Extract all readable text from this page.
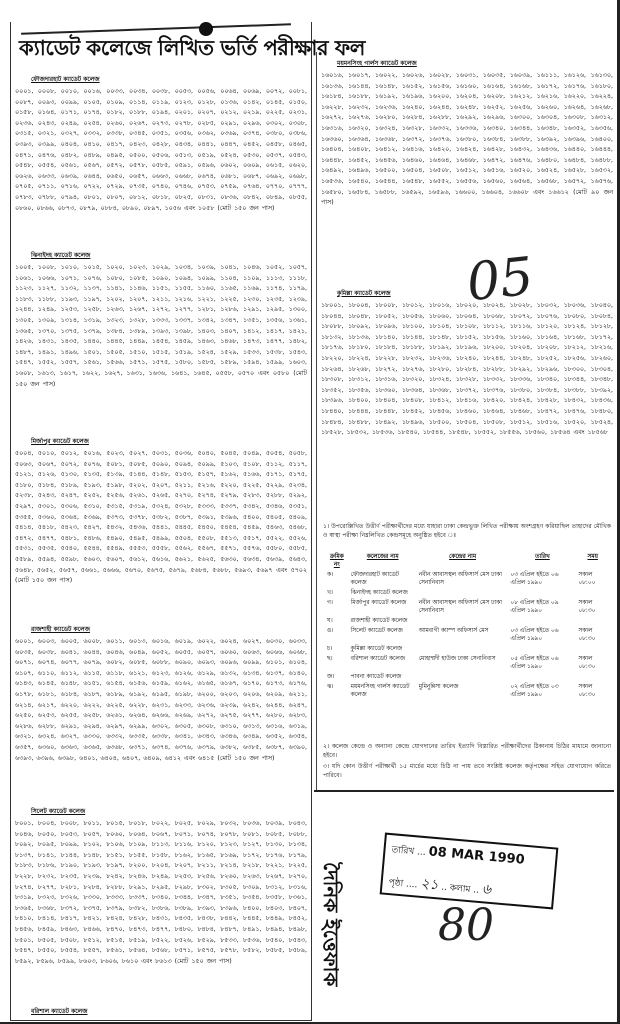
ক্যাডেট কলেজে লিখিত ভর্তি পরীক্ষার ফল
ফৌজদারহাট ক্যাডেট কলেজ

০০০১, ০০০৮, ০০১০, ০০১৬, ০০৩৩, ০০৩৪, ০০৩৮, ০০৫৩, ০০৫৬, ০০৬৪, ০০৬৯, ০০৭২, ০০৮১, ০০৮৭, ০০৯৩, ০০৯৯, ০১০৫, ০১০৯, ০১১৪, ০১১৯, ০১২৩, ০১২৮, ০১৩৬, ০১৪২, ০১৪৫, ০১৫০, ০১৫৮, ০১৬৪, ০১৭১, ০১৭৪, ০১৮২, ০১৮৮, ০১৯৪, ০২০১, ০২০৭, ০২১২, ০২১৯, ০২২৫, ০২৩১, ০২৩৬, ০২৪৩, ০২৪৯, ০২৫৪, ০২৬০, ০২৬৭, ০২৭৩, ০২৭৮, ০২৮৫, ০২৯১, ০২৯৬, ০৩০২, ০৩০৮, ০৩১৫, ০৩২১, ০৩২৭, ০৩৩২, ০৩৩৮, ০৩৪৫, ০৩৫১, ০৩৫৬, ০৩৬২, ০৩৬৯, ০৩৭৪, ০৩৮০, ০৩৮৬, ০৩৯৩, ০৩৯৯, ০৪০৪, ০৪১০, ০৪১৭, ০৪২৩, ০৪২৮, ০৪৩৪, ০৪৪১, ০৪৪৭, ০৪৫২, ০৪৫৮, ০৪৬৫, ০৪৭১, ০৪৭৬, ০৪৮২, ০৪৮৯, ০৪৯৫, ০৫০০, ০৫০৬, ০৫১৩, ০৫১৯, ০৫২৪, ০৫৩০, ০৫৩৭, ০৫৪৩, ০৫৪৮, ০৫৫৪, ০৫৬১, ০৫৬৭, ০৫৭২, ০৫৭৮, ০৫৮৫, ০৫৯১, ০৫৯৬, ০৬০২, ০৬০৯, ০৬১৫, ০৬২০, ০৬২৬, ০৬৩৩, ০৬৩৯, ০৬৪৪, ০৬৫০, ০৬৫৭, ০৬৬৩, ০৬৬৮, ০৬৭৪, ০৬৮১, ০৬৮৭, ০৬৯২, ০৬৯৮, ০৭০৫, ০৭১১, ০৭১৬, ০৭২২, ০৭২৯, ০৭৩৫, ০৭৪০, ০৭৪৬, ০৭৫৩, ০৭৫৯, ০৭৬৪, ০৭৭০, ০৭৭৭, ০৭৮৩, ০৭৮৮, ০৭৯৪, ০৮০১, ০৮০৭, ০৮১২, ০৮১৮, ০৮২৫, ০৮৩১, ০৮৩৬, ০৮৪২, ০৮৪৯, ০৮৫৫, ০৮৬০, ০৮৬৬, ০৮৭৩, ০৮৭৯, ০৮৮৪, ০৮৯০, ০৮৯৭, ১০৫৬ এবং ১০৫৮ (মোট ১৫০ জন পাস)

ঝিনাইদহ ক্যাডেট কলেজ

১০০৫, ১০০৮, ১০১০, ১০১৫, ১০২০, ১০২৩, ১০২৯, ১০৩৪, ১০৩৯, ১০৪১, ১০৪৬, ১০৫২, ১০৫৭, ১০৬১, ১০৬৬, ১০৭১, ১০৭৬, ১০৮০, ১০৮৫, ১০৯০, ১০৯৪, ১০৯৯, ১১০৪, ১১০৯, ১১১৩, ১১১৮, ১১২৩, ১১২৭, ১১৩২, ১১৩৭, ১১৪১, ১১৪৬, ১১৫১, ১১৫৫, ১১৬০, ১১৬৫, ১১৬৯, ১১৭৪, ১১৭৯, ১১৮৩, ১১৮৮, ১১৯৩, ১১৯৭, ১২০২, ১২০৭, ১২১১, ১২১৬, ১২২১, ১২২৫, ১২৩০, ১২৩৫, ১২৩৯, ১২৪৪, ১২৪৯, ১২৫৩, ১২৫৮, ১২৬৩, ১২৬৭, ১২৭২, ১২৭৭, ১২৮১, ১২৮৬, ১২৯১, ১২৯৫, ১৩০০, ১৩০৫, ১৩০৯, ১৩১৪, ১৩১৯, ১৩২৩, ১৩২৮, ১৩৩৩, ১৩৩৭, ১৩৪২, ১৩৪৭, ১৩৫১, ১৩৫৬, ১৩৬১, ১৩৬৫, ১৩৭০, ১৩৭৫, ১৩৭৯, ১৩৮৪, ১৩৮৯, ১৩৯৩, ১৩৯৮, ১৪০৩, ১৪০৭, ১৪১২, ১৪১৭, ১৪২১, ১৪২৬, ১৪৩১, ১৪৩৫, ১৪৪০, ১৪৪৫, ১৪৪৯, ১৪৫৪, ১৪৫৯, ১৪৬৩, ১৪৬৮, ১৪৭৩, ১৪৭৭, ১৪৮২, ১৪৮৭, ১৪৯১, ১৪৯৬, ১৫০১, ১৫০৫, ১৫১০, ১৫১৫, ১৫১৯, ১৫২৪, ১৫২৯, ১৫৩৩, ১৫৩৮, ১৫৪৩, ১৫৪৭, ১৫৫২, ১৫৫৭, ১৫৬১, ১৫৬৬, ১৫৭১, ১৫৭৫, ১৫৮০, ১৫৮৫, ১৫৮৯, ১৫৯৪, ১৫৯৯, ১৬০৩, ১৬০৮, ১৬১৩, ১৬১৭, ১৬২২, ১৬২৭, ১৬৩১, ১৬৩৬, ১৬৪১, ১৬৪৫, ০৫৫৮, ০৫৭০ এবং ০৫৮০ (মোট ১৫০ জন পাস)

মির্জাপুর ক্যাডেট কলেজ

৫০০৪, ৫০১০, ৫০১২, ৫০১৬, ৫০২৩, ৫০২৭, ৫০৩১, ৫০৩৬, ৫০৪০, ৫০৪৫, ৫০৪৯, ৫০৫৪, ৫০৫৮, ৫০৬৩, ৫০৬৭, ৫০৭২, ৫০৭৬, ৫০৮১, ৫০৮৫, ৫০৯০, ৫০৯৪, ৫০৯৯, ৫১০৩, ৫১০৮, ৫১১২, ৫১১৭, ৫১২১, ৫১২৬, ৫১৩০, ৫১৩৫, ৫১৩৯, ৫১৪৪, ৫১৪৮, ৫১৫৩, ৫১৫৭, ৫১৬২, ৫১৬৬, ৫১৭১, ৫১৭৫, ৫১৮০, ৫১৮৪, ৫১৮৯, ৫১৯৩, ৫১৯৮, ৫২০২, ৫২০৭, ৫২১১, ৫২১৬, ৫২২০, ৫২২৫, ৫২২৯, ৫২৩৪, ৫২৩৮, ৫২৪৩, ৫২৪৭, ৫২৫২, ৫২৫৬, ৫২৬১, ৫২৬৫, ৫২৭০, ৫২৭৪, ৫২৭৯, ৫২৮৩, ৫২৮৮, ৫২৯২, ৫২৯৭, ৫৩০১, ৫৩০৬, ৫৩১০, ৫৩১৫, ৫৩১৯, ৫৩২৪, ৫৩২৮, ৫৩৩৩, ৫৩৩৭, ৫৩৪২, ৫৩৪৬, ৫৩৫১, ৫৩৫৫, ৫৩৬০, ৫৩৬৪, ৫৩৬৯, ৫৩৭৩, ৫৩৭৮, ৫৩৮২, ৫৩৮৭, ৫৩৯১, ৫৩৯৬, ৫৪০০, ৫৪০৫, ৫৪০৯, ৫৪১৪, ৫৪১৮, ৫৪২৩, ৫৪২৭, ৫৪৩২, ৫৪৩৬, ৫৪৪১, ৫৪৪৫, ৫৪৫০, ৫৪৫৪, ৫৪৫৯, ৫৪৬৩, ৫৪৬৮, ৫৪৭২, ৫৪৭৭, ৫৪৮১, ৫৪৮৬, ৫৪৯০, ৫৪৯৫, ৫৪৯৯, ৫৫০৪, ৫৫০৮, ৫৫১৩, ৫৫১৭, ৫৫২২, ৫৫২৬, ৫৫৩১, ৫৫৩৫, ৫৫৪০, ৫৫৪৪, ৫৫৪৯, ৫৫৫৩, ৫৫৫৮, ৫৫৬২, ৫৫৬৭, ৫৫৭১, ৫৫৭৬, ৫৫৮০, ৫৫৮৫, ৫৫৮৯, ৫৫৯৪, ৫৫৯৮, ৫৬০৩, ৫৬০৭, ৫৬১২, ৫৬১৬, ৫৬২১, ৫৬২৫, ৫৬৩০, ৫৬৩৪, ৫৬৩৯, ৫৬৪৩, ৫৬৪৮, ৫৬৫২, ৫৬৫৭, ৫৬৬১, ৫৬৬৬, ৫৬৭০, ৫৬৭৫, ৫৬৭৯, ৫৬৮৪, ৫৬৮৮, ৫৬৯৩, ৫৬৯৭ এবং ৫৭০২ (মোট ১৫০ জন পাস)

রাজশাহী ক্যাডেট কলেজ

৬০০১, ৬০০৩, ৬০০৫, ৬০০৮, ৬০১১, ৬০১৩, ৬০১৬, ৬০১৯, ৬০২২, ৬০২৪, ৬০২৭, ৬০৩০, ৬০৩৩, ৬০৩৫, ৬০৩৮, ৬০৪১, ৬০৪৪, ৬০৪৬, ৬০৪৯, ৬০৫২, ৬০৫৫, ৬০৫৭, ৬০৬০, ৬০৬৩, ৬০৬৬, ৬০৬৮, ৬০৭১, ৬০৭৪, ৬০৭৭, ৬০৭৯, ৬০৮২, ৬০৮৫, ৬০৮৮, ৬০৯০, ৬০৯৩, ৬০৯৬, ৬০৯৯, ৬১০১, ৬১০৪, ৬১০৭, ৬১১০, ৬১১২, ৬১১৫, ৬১১৮, ৬১২১, ৬১২৩, ৬১২৬, ৬১২৯, ৬১৩২, ৬১৩৪, ৬১৩৭, ৬১৪০, ৬১৪৩, ৬১৪৫, ৬১৪৮, ৬১৫১, ৬১৫৪, ৬১৫৬, ৬১৫৯, ৬১৬২, ৬১৬৫, ৬১৬৭, ৬১৭০, ৬১৭৩, ৬১৭৬, ৬১৭৮, ৬১৮১, ৬১৮৪, ৬১৮৭, ৬১৮৯, ৬১৯২, ৬১৯৫, ৬১৯৮, ৬২০০, ৬২০৩, ৬২০৬, ৬২০৯, ৬২১১, ৬২১৪, ৬২১৭, ৬২২০, ৬২২২, ৬২২৫, ৬২২৮, ৬২৩১, ৬২৩৩, ৬২৩৬, ৬২৩৯, ৬২৪২, ৬২৪৪, ৬২৪৭, ৬২৫০, ৬২৫৩, ৬২৫৫, ৬২৫৮, ৬২৬১, ৬২৬৪, ৬২৬৬, ৬২৬৯, ৬২৭২, ৬২৭৫, ৬২৭৭, ৬২৮০, ৬২৮৩, ৬২৮৬, ৬২৮৮, ৬২৯১, ৬২৯৪, ৬২৯৭, ৬২৯৯, ৬৩০২, ৬৩০৫, ৬৩০৮, ৬৩১০, ৬৩১৩, ৬৩১৬, ৬৩১৯, ৬৩২১, ৬৩২৪, ৬৩২৭, ৬৩৩০, ৬৩৩২, ৬৩৩৫, ৬৩৩৮, ৬৩৪১, ৬৩৪৩, ৬৩৪৬, ৬৩৪৯, ৬৩৫২, ৬৩৫৪, ৬৩৫৭, ৬৩৬০, ৬৩৬৩, ৬৩৬৫, ৬৩৬৮, ৬৩৭১, ৬৩৭৪, ৬৩৭৬, ৬৩৭৯, ৬৩৮২, ৬৩৮৫, ৬৩৮৭, ৬৩৯০, ৬৩৯৩, ৬৩৯৬, ৬৩৯৮, ৬৪০১, ৬৪০৪, ৬৪০৭, ৬৪০৯, ৬৪১২ এবং ৬৪১৫ (মোট ১৫০ জন পাস)

সিলেট ক্যাডেট কলেজ

৮০০১, ৮০০৪, ৮০০৮, ৮০১১, ৮০১৫, ৮০১৮, ৮০২২, ৮০২৫, ৮০২৯, ৮০৩২, ৮০৩৬, ৮০৩৯, ৮০৪৩, ৮০৪৬, ৮০৫০, ৮০৫৩, ৮০৫৭, ৮০৬০, ৮০৬৪, ৮০৬৭, ৮০৭১, ৮০৭৪, ৮০৭৮, ৮০৮১, ৮০৮৫, ৮০৮৮, ৮০৯২, ৮০৯৫, ৮০৯৯, ৮১০২, ৮১০৬, ৮১০৯, ৮১১৩, ৮১১৬, ৮১২০, ৮১২৩, ৮১২৭, ৮১৩০, ৮১৩৪, ৮১৩৭, ৮১৪১, ৮১৪৪, ৮১৪৮, ৮১৫১, ৮১৫৫, ৮১৫৮, ৮১৬২, ৮১৬৫, ৮১৬৯, ৮১৭২, ৮১৭৬, ৮১৭৯, ৮১৮৩, ৮১৮৬, ৮১৯০, ৮১৯৩, ৮১৯৭, ৮২০০, ৮২০৪, ৮২০৭, ৮২১১, ৮২১৪, ৮২১৮, ৮২২১, ৮২২৫, ৮২২৮, ৮২৩২, ৮২৩৫, ৮২৩৯, ৮২৪২, ৮২৪৬, ৮২৪৯, ৮২৫৩, ৮২৫৬, ৮২৬০, ৮২৬৩, ৮২৬৭, ৮২৭০, ৮২৭৪, ৮২৭৭, ৮২৮১, ৮২৮৪, ৮২৮৮, ৮২৯১, ৮২৯৫, ৮২৯৮, ৮৩০২, ৮৩০৫, ৮৩০৯, ৮৩১২, ৮৩১৬, ৮৩১৯, ৮৩২৩, ৮৩২৬, ৮৩৩০, ৮৩৩৩, ৮৩৩৭, ৮৩৪০, ৮৩৪৪, ৮৩৪৭, ৮৩৫১, ৮৩৫৪, ৮৩৫৮, ৮৩৬১, ৮৩৬৫, ৮৩৬৮, ৮৩৭২, ৮৩৭৫, ৮৩৭৯, ৮৩৮২, ৮৩৮৬, ৮৩৮৯, ৮৩৯৩, ৮৩৯৬, ৮৪০০, ৮৪০৩, ৮৪০৭, ৮৪১০, ৮৪১৪, ৮৪১৭, ৮৪২১, ৮৪২৪, ৮৪২৮, ৮৪৩১, ৮৪৩৫, ৮৪৩৮, ৮৪৪২, ৮৪৪৫, ৮৪৪৯, ৮৪৫২, ৮৪৫৬, ৮৪৫৯, ৮৪৬৩, ৮৪৬৬, ৮৪৭০, ৮৪৭৩, ৮৪৭৭, ৮৪৮০, ৮৪৮৪, ৮৪৮৭, ৮৪৯১, ৮৪৯৪, ৮৪৯৮, ৮৫০১, ৮৫০৫, ৮৫০৮, ৮৫১২, ৮৫১৫, ৮৫১৯, ৮৫২২, ৮৫২৬, ৮৫২৯, ৮৫৩৩, ৮৫৩৬, ৮৫৪০, ৮৫৪৩, ৮৫৪৭, ৮৫৫০, ৮৫৫৪, ৮৫৫৭, ৮৫৬১, ৮৫৬৪, ৮৫৬৮, ৮৫৭১, ৮৫৭৫, ৮৫৭৮, ৮৫৮২, ৮৫৮৫, ৮৫৮৯, ৮৫৯২, ৮৫৯৬, ৮৫৯৯, ৮৬০৩, ৮৬০৬, ৮৬১০ এবং ৮৬১৩ (মোট ১৫০ জন পাস)

বরিশাল ক্যাডেট কলেজ
ময়মনসিংহ গার্লস ক্যাডেট কলেজ

১৬০১৬, ১৬০১৭, ১৬০২২, ১৬০২৬, ১৬০২৮, ১৬০৩১, ১৬০৩৫, ১৬০৩৯, ১৬১১১, ১৬১২৬, ১৬১৩০, ১৬১৩৬, ১৬১৪৪, ১৬১৪৮, ১৬১৫২, ১৬১৫৬, ১৬১৬০, ১৬১৬৪, ১৬১৬৮, ১৬১৭২, ১৬১৭৬, ১৬১৮০, ১৬১৮৪, ১৬১৮৮, ১৬১৯২, ১৬১৯৬, ১৬২০০, ১৬২০৪, ১৬২০৮, ১৬২১২, ১৬২১৬, ১৬২২০, ১৬২২৪, ১৬২২৮, ১৬২৩২, ১৬২৩৬, ১৬২৪০, ১৬২৪৪, ১৬২৪৮, ১৬২৫২, ১৬২৫৬, ১৬২৬০, ১৬২৬৪, ১৬২৬৮, ১৬২৭২, ১৬২৭৬, ১৬২৮০, ১৬২৮৪, ১৬২৮৮, ১৬২৯২, ১৬২৯৬, ১৬৩০০, ১৬৩০৪, ১৬৩০৮, ১৬৩১২, ১৬৩১৬, ১৬৩২০, ১৬৩২৪, ১৬৩২৮, ১৬৩৩২, ১৬৩৩৬, ১৬৩৪০, ১৬৩৪৪, ১৬৩৪৮, ১৬৩৫২, ১৬৩৫৬, ১৬৩৬০, ১৬৩৬৪, ১৬৩৬৮, ১৬৩৭২, ১৬৩৭৬, ১৬৩৮০, ১৬৩৮৪, ১৬৩৮৮, ১৬৩৯২, ১৬৩৯৬, ১৬৪০০, ১৬৪০৪, ১৬৪০৮, ১৬৪১২, ১৬৪১৬, ১৬৪২০, ১৬৪২৪, ১৬৪২৮, ১৬৪৩২, ১৬৪৩৬, ১৬৪৪০, ১৬৪৪৪, ১৬৪৪৮, ১৬৪৫২, ১৬৪৫৬, ১৬৪৬০, ১৬৪৬৪, ১৬৪৬৮, ১৬৪৭২, ১৬৪৭৬, ১৬৪৮০, ১৬৪৮৪, ১৬৪৮৮, ১৬৪৯২, ১৬৪৯৬, ১৬৫০০, ১৬৫০৪, ১৬৫০৮, ১৬৫১২, ১৬৫১৬, ১৬৫২০, ১৬৫২৪, ১৬৫২৮, ১৬৫৩২, ১৬৫৩৬, ১৬৫৪০, ১৬৫৪৪, ১৬৫৪৮, ১৬৫৫২, ১৬৫৫৬, ১৬৫৬০, ১৬৫৬৪, ১৬৫৬৮, ১৬৫৭২, ১৬৫৭৬, ১৬৫৮০, ১৬৫৮৪, ১৬৫৮৮, ১৬৫৯২, ১৬৫৯৬, ১৬৬০০, ১৬৬০৪, ১৬৬০৮ এবং ১৬৬১২ (মোট ৯০ জন পাস)

05
কুমিল্লা ক্যাডেট কলেজ

১৮০০১, ১৮০০৪, ১৮০০৮, ১৮০১২, ১৮০১৬, ১৮০২০, ১৮০২৪, ১৮০২৮, ১৮০৩২, ১৮০৩৬, ১৮০৪০, ১৮০৪৪, ১৮০৪৮, ১৮০৫২, ১৮০৫৬, ১৮০৬০, ১৮০৬৪, ১৮০৬৮, ১৮০৭২, ১৮০৭৬, ১৮০৮০, ১৮০৮৪, ১৮০৮৮, ১৮০৯২, ১৮০৯৬, ১৮১০০, ১৮১০৪, ১৮১০৮, ১৮১১২, ১৮১১৬, ১৮১২০, ১৮১২৪, ১৮১২৮, ১৮১৩২, ১৮১৩৬, ১৮১৪০, ১৮১৪৪, ১৮১৪৮, ১৮১৫২, ১৮১৫৬, ১৮১৬০, ১৮১৬৪, ১৮১৬৮, ১৮১৭২, ১৮১৭৬, ১৮১৮০, ১৮১৮৪, ১৮১৮৮, ১৮১৯২, ১৮১৯৬, ১৮২০০, ১৮২০৪, ১৮২০৮, ১৮২১২, ১৮২১৬, ১৮২২০, ১৮২২৪, ১৮২২৮, ১৮২৩২, ১৮২৩৬, ১৮২৪০, ১৮২৪৪, ১৮২৪৮, ১৮২৫২, ১৮২৫৬, ১৮২৬০, ১৮২৬৪, ১৮২৬৮, ১৮২৭২, ১৮২৭৬, ১৮২৮০, ১৮২৮৪, ১৮২৮৮, ১৮২৯২, ১৮২৯৬, ১৮৩০০, ১৮৩০৪, ১৮৩০৮, ১৮৩১২, ১৮৩১৬, ১৮৩২০, ১৮৩২৪, ১৮৩২৮, ১৮৩৩২, ১৮৩৩৬, ১৮৩৪০, ১৮৩৪৪, ১৮৩৪৮, ১৮৩৫২, ১৮৩৫৬, ১৮৩৬০, ১৮৩৬৪, ১৮৩৬৮, ১৮৩৭২, ১৮৩৭৬, ১৮৩৮০, ১৮৩৮৪, ১৮৩৮৮, ১৮৩৯২, ১৮৩৯৬, ১৮৪০০, ১৮৪০৪, ১৮৪০৮, ১৮৪১২, ১৮৪১৬, ১৮৪২০, ১৮৪২৪, ১৮৪২৮, ১৮৪৩২, ১৮৪৩৬, ১৮৪৪০, ১৮৪৪৪, ১৮৪৪৮, ১৮৪৫২, ১৮৪৫৬, ১৮৪৬০, ১৮৪৬৪, ১৮৪৬৮, ১৮৪৭২, ১৮৪৭৬, ১৮৪৮০, ১৮৪৮৪, ১৮৪৮৮, ১৮৪৯২, ১৮৪৯৬, ১৮৫০০, ১৮৫০৪, ১৮৫০৮, ১৮৫১২, ১৮৫১৬, ১৮৫২০, ১৮৫২৪, ১৮৫২৮, ১৮৫৩২, ১৮৫৩৬, ১৮৫৪০, ১৮৫৪৪, ১৮৫৪৮, ১৮৫৫২, ১৮৫৫৬, ১৮৫৬০, ১৮৫৬৪ এবং ১৮৫৬৮

১। উপরোল্লিখিত উত্তীর্ণ পরীক্ষার্থীদের মধ্যে যাহারা ঢাকা কেন্দ্রভুক্ত লিখিত পরীক্ষায় অংশগ্রহণ করিয়াছিল তাহাদের মৌখিক ও স্বাস্থ্য পরীক্ষা নিম্নলিখিত কেন্দ্রসমূহে অনুষ্ঠিত হইবে ঃ
ক্রমিক নং	কলেজের নাম	কেন্দ্রের নাম	তারিখ	সময়
ক।	ফৌজদারহাট ক্যাডেট কলেজ	নবীন আবাসস্থল অফিসার্স মেস ঢাকা সেনানিবাস	০৩ এপ্রিল হইতে ০৬ এপ্রিল ১৯৯০	সকাল ০৮:০০
খ।	ঝিনাইদহ ক্যাডেট কলেজ			
গ।	মির্জাপুর ক্যাডেট কলেজ	নবীন আবাসস্থল অফিসার্স মেস ঢাকা সেনানিবাস	০৮ এপ্রিল হইতে ০৯ এপ্রিল ১৯৯০	সকাল ০৮:৩০
ঘ।	রাজশাহী ক্যাডেট কলেজ			
ঙ।	সিলেট ক্যাডেট কলেজ	আমবাগী ক্যাম্প অফিসার্স মেস	০৩ এপ্রিল হইতে ০৬ এপ্রিল ১৯৯০	সকাল ০৮:৩০
চ।	কুমিল্লা ক্যাডেট কলেজ			
ছ।	বরিশাল ক্যাডেট কলেজ	মোহাম্মদী হাউজ ঢাকা সেনানিবাস	০৫ এপ্রিল হইতে ০৬ এপ্রিল ১৯৯০	সকাল ০৮:৩০
জ।	পাবনা ক্যাডেট কলেজ			
ঝ।	ময়মনসিংহ গার্লস ক্যাডেট কলেজ	মুমিনুন্নিসা কলেজ	০২ এপ্রিল হইতে ০৩ এপ্রিল ১৯৯০	সকাল ০৮:৩০
২। কলেজ কেন্দ্রে ও অন্যান্য কেন্দ্রে যোগদানের তারিখ ইত্যাদি বিস্তারিত পরীক্ষার্থীদের ঠিকানায় চিঠির মাধ্যমে জানানো হইবে।
৩। যদি কোন উত্তীর্ণ পরীক্ষার্থী ১৫ মার্চের মধ্যে চিঠি না পায় তবে সংশ্লিষ্ট কলেজ কর্তৃপক্ষের সহিত যোগাযোগ করিতে পারিবে।
দৈনিক ইত্তেফাক
তারিখ ... 08 MAR 1990
পৃষ্ঠা .... ২১ .. কলাম .. ৬
80
